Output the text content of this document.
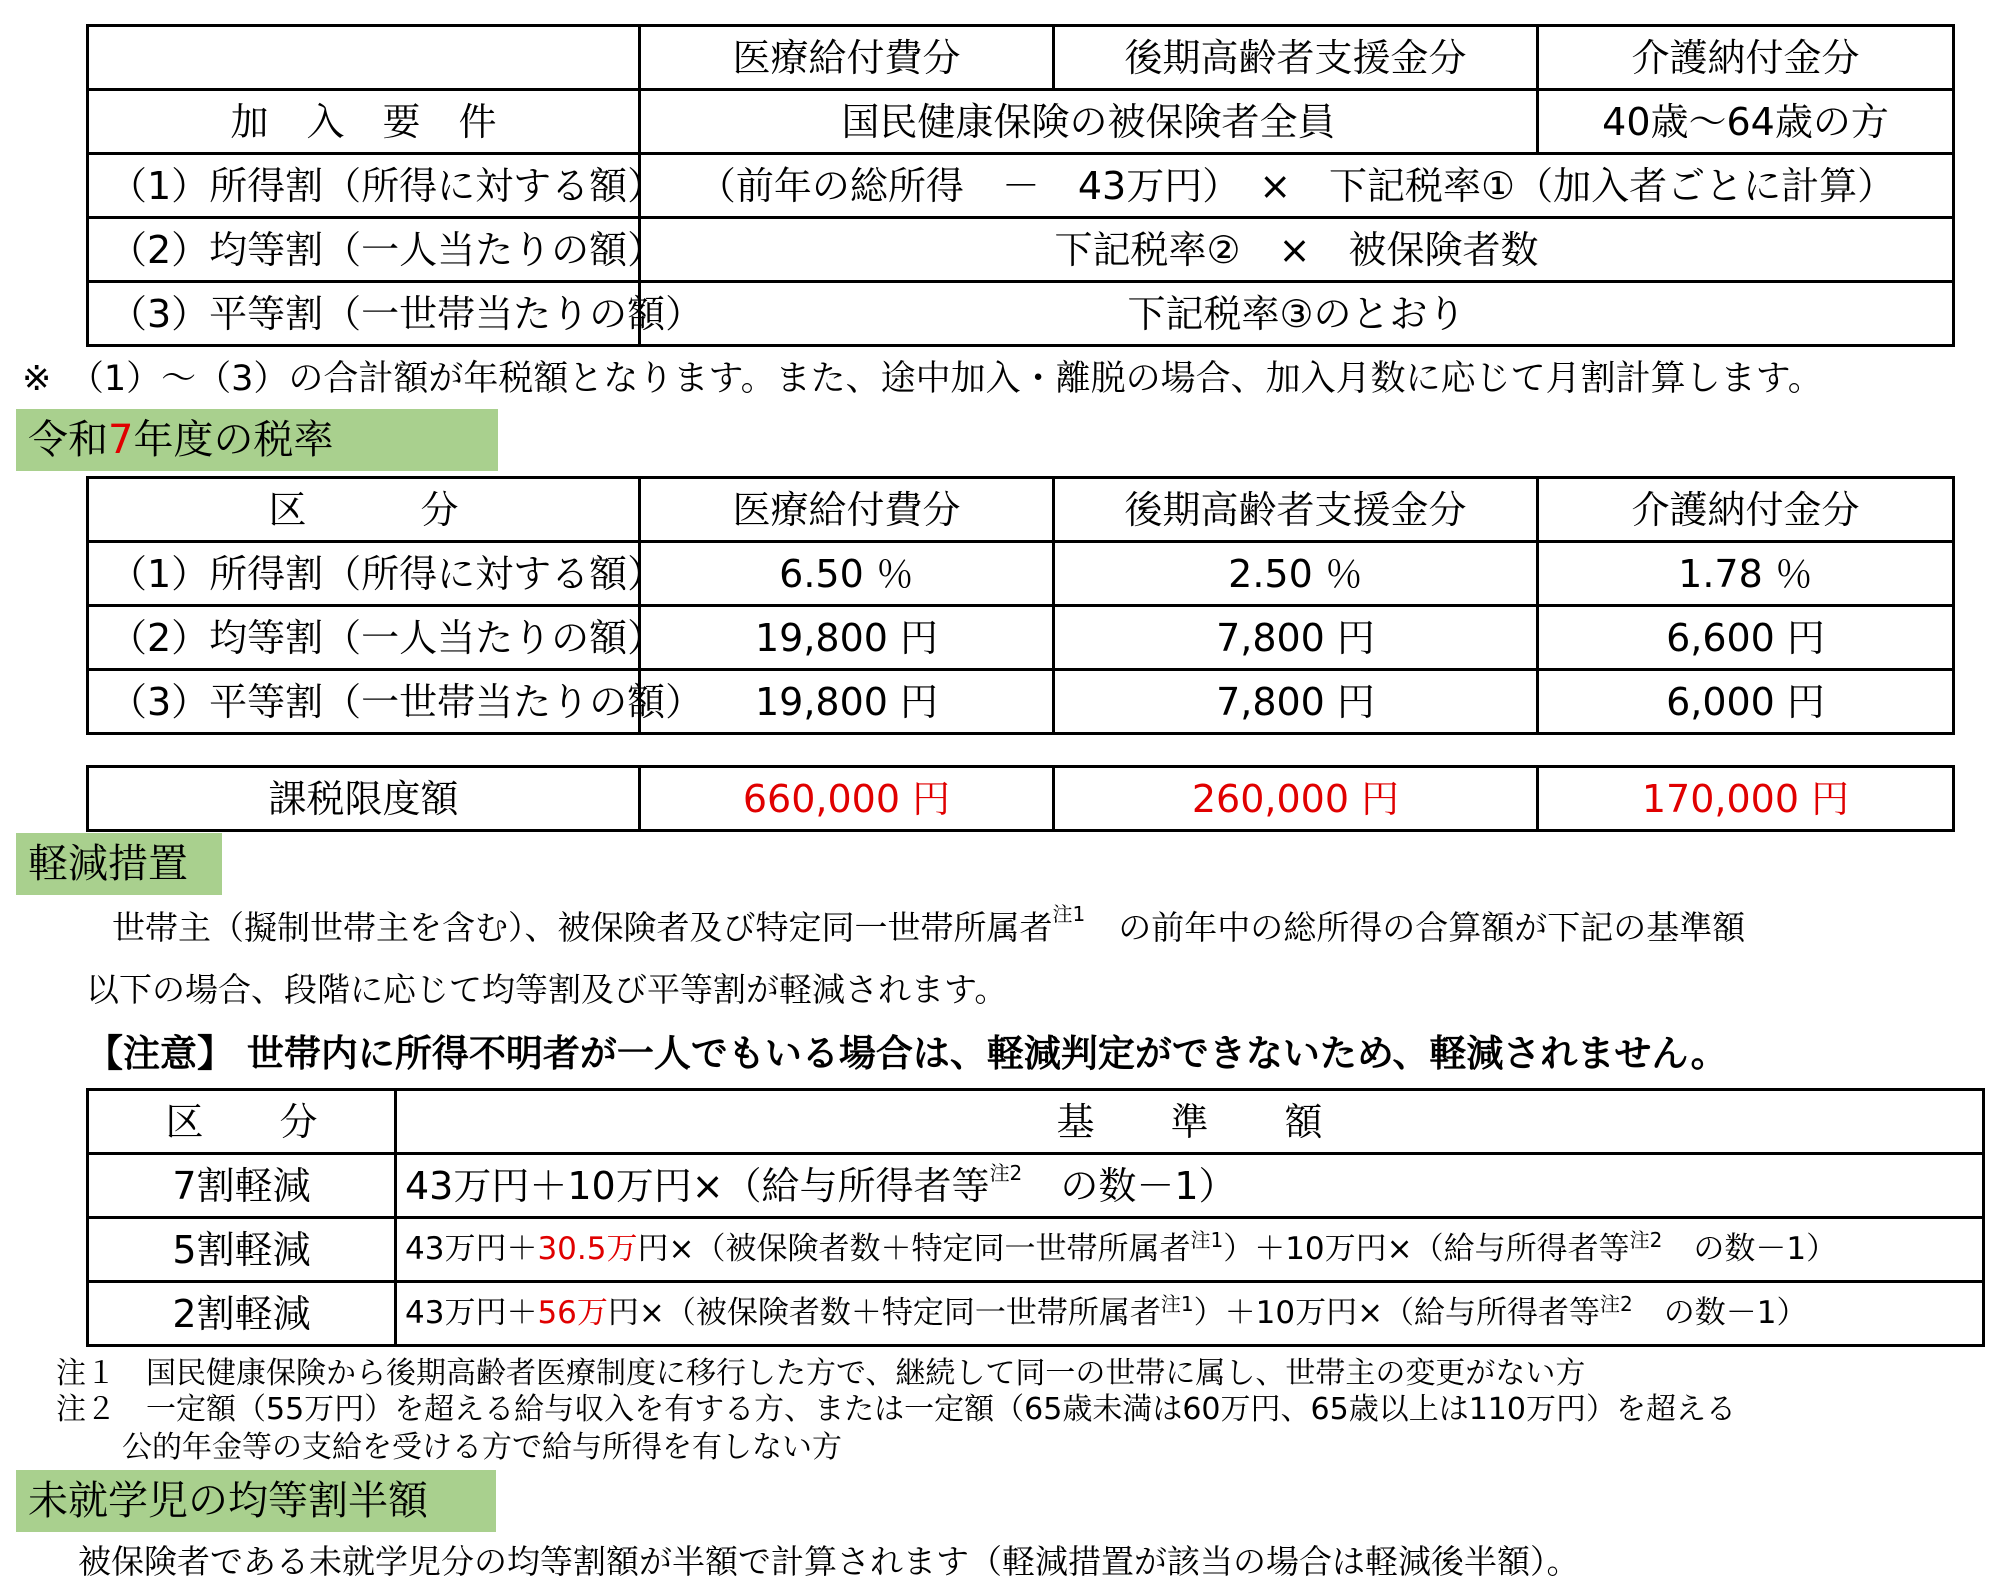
	医療給付費分	後期高齢者支援金分	介護納付金分
加　入　要　件	国民健康保険の被保険者全員		40歳～64歳の方
（1）所得割（所得に対する額）	（前年の総所得　－　43万円）　×　下記税率①（加入者ごとに計算）		
（2）均等割（一人当たりの額）	下記税率②　×　被保険者数		
（3）平等割（一世帯当たりの額）	下記税率③のとおり		
※　（1）～（3）の合計額が年税額となります。また、途中加入・離脱の場合、加入月数に応じて月割計算します。
令和7年度の税率
区　　　分	医療給付費分	後期高齢者支援金分	介護納付金分
（1）所得割（所得に対する額）	6.50 ％	2.50 ％	1.78 ％
（2）均等割（一人当たりの額）	19,800 円	7,800 円	6,600 円
（3）平等割（一世帯当たりの額）	19,800 円	7,800 円	6,000 円
課税限度額	660,000 円	260,000 円	170,000 円
軽減措置
世帯主（擬制世帯主を含む）、被保険者及び特定同一世帯所属者$^{注1}$　 の前年中の総所得の合算額が下記の基準額
以下の場合、段階に応じて均等割及び平等割が軽減されます。
【注意】 世帯内に所得不明者が一人でもいる場合は、軽減判定ができないため、軽減されません。
区　　分	基　　準　　額
7割軽減	43万円＋10万円×（給与所得者等$^{注2}$　 の数－1）
5割軽減	43万円＋30.5万円×（被保険者数＋特定同一世帯所属者$^{注1}$）＋10万円×（給与所得者等$^{注2}$　 の数－1）
2割軽減	43万円＋56万円×（被保険者数＋特定同一世帯所属者$^{注1}$）＋10万円×（給与所得者等$^{注2}$　 の数－1）
注１　国民健康保険から後期高齢者医療制度に移行した方で、継続して同一の世帯に属し、世帯主の変更がない方
注２　一定額（55万円）を超える給与収入を有する方、または一定額（65歳未満は60万円、65歳以上は110万円）を超える
公的年金等の支給を受ける方で給与所得を有しない方
未就学児の均等割半額
被保険者である未就学児分の均等割額が半額で計算されます（軽減措置が該当の場合は軽減後半額）。
